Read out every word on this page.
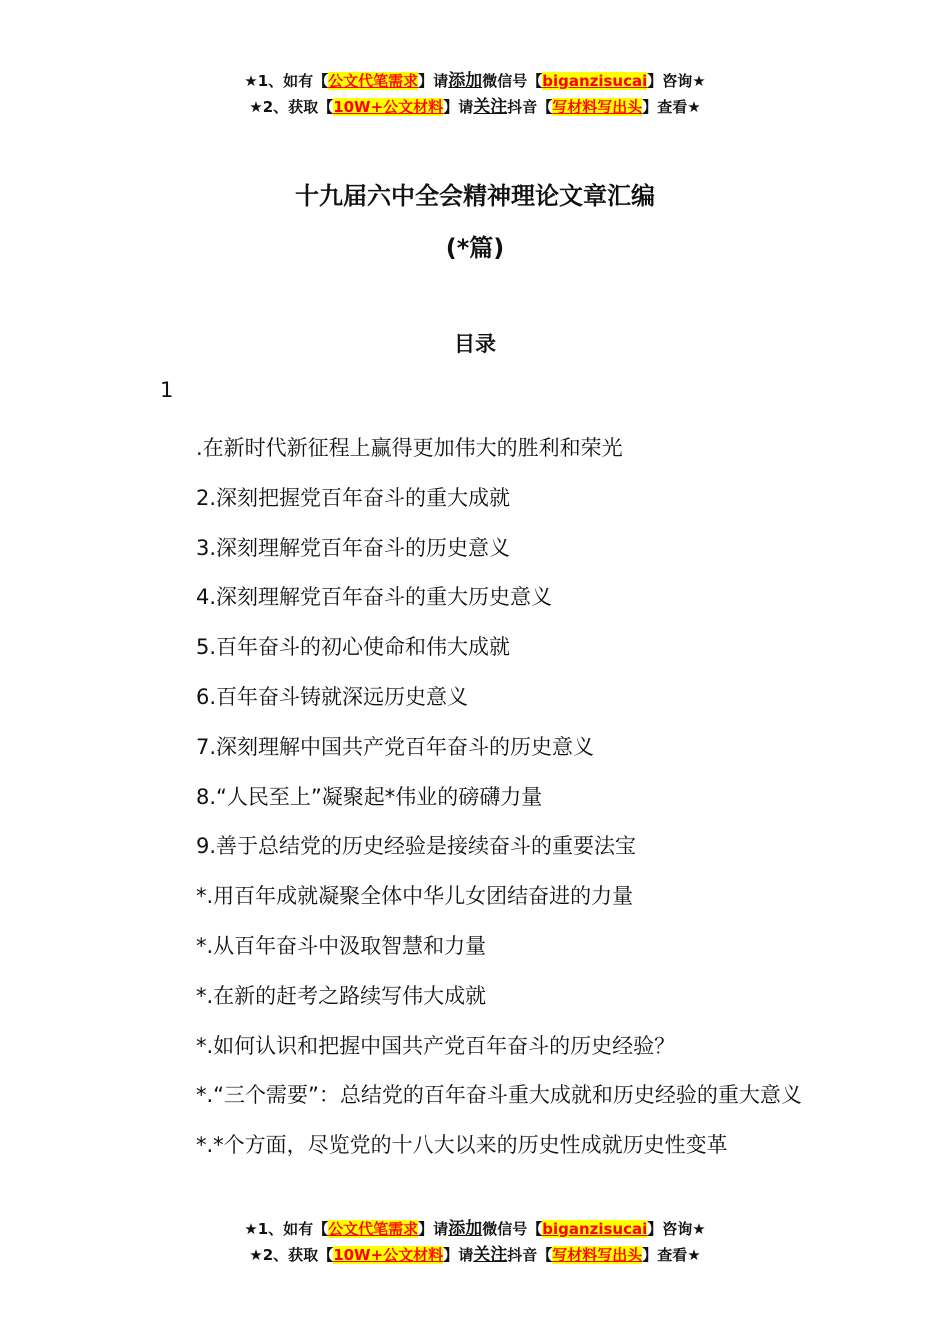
★1、如有【公文代笔需求】请添加微信号【biganzisucai】咨询★
★2、获取【10W+公文材料】请关注抖音【写材料写出头】查看★
十九届六中全会精神理论文章汇编
(*篇)
目录
1
.在新时代新征程上赢得更加伟大的胜利和荣光
2.深刻把握党百年奋斗的重大成就
3.深刻理解党百年奋斗的历史意义
4.深刻理解党百年奋斗的重大历史意义
5.百年奋斗的初心使命和伟大成就
6.百年奋斗铸就深远历史意义
7.深刻理解中国共产党百年奋斗的历史意义
8.“人民至上”凝聚起*伟业的磅礴力量
9.善于总结党的历史经验是接续奋斗的重要法宝
*.用百年成就凝聚全体中华儿女团结奋进的力量
*.从百年奋斗中汲取智慧和力量
*.在新的赶考之路续写伟大成就
*.如何认识和把握中国共产党百年奋斗的历史经验？
*.“三个需要”：总结党的百年奋斗重大成就和历史经验的重大意义
*.*个方面，尽览党的十八大以来的历史性成就历史性变革
★1、如有【公文代笔需求】请添加微信号【biganzisucai】咨询★
★2、获取【10W+公文材料】请关注抖音【写材料写出头】查看★
